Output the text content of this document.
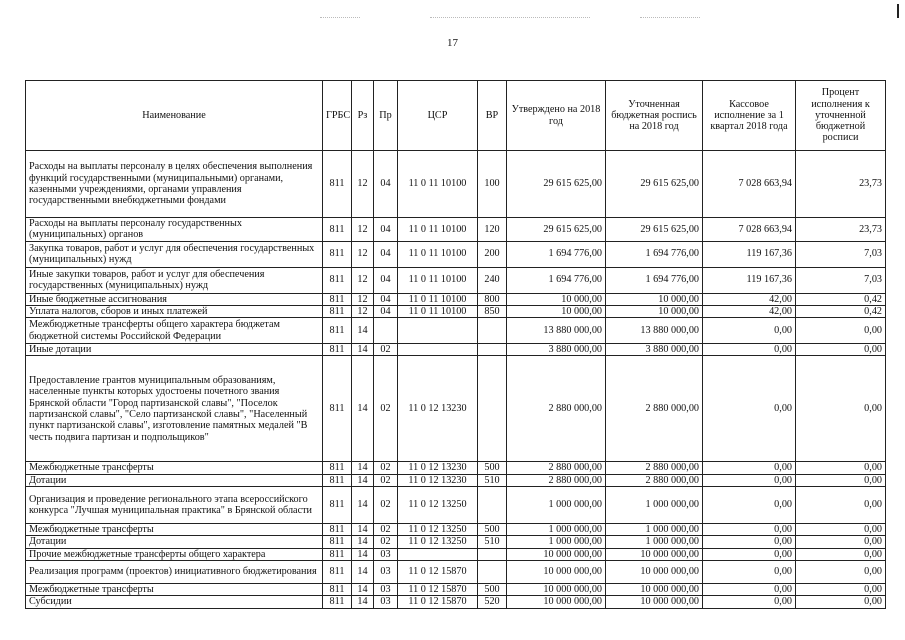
17
Наименование	ГРБС	Рз	Пр	ЦСР	ВР	Утверждено на 2018 год	Уточненная бюджетная роспись на 2018 год	Кассовое исполнение за 1 квартал 2018 года	Процент исполнения к уточненной бюджетной росписи
Расходы на выплаты персоналу в целях обеспечения выполнения функций государственными (муниципальными) органами, казенными учреждениями, органами управления государственными внебюджетными фондами	811	12	04	11 0 11 10100	100	29 615 625,00	29 615 625,00	7 028 663,94	23,73
Расходы на выплаты персоналу государственных (муниципальных) органов	811	12	04	11 0 11 10100	120	29 615 625,00	29 615 625,00	7 028 663,94	23,73
Закупка товаров, работ и услуг для обеспечения государственных (муниципальных) нужд	811	12	04	11 0 11 10100	200	1 694 776,00	1 694 776,00	119 167,36	7,03
Иные закупки товаров, работ и услуг для обеспечения государственных (муниципальных) нужд	811	12	04	11 0 11 10100	240	1 694 776,00	1 694 776,00	119 167,36	7,03
Иные бюджетные ассигнования	811	12	04	11 0 11 10100	800	10 000,00	10 000,00	42,00	0,42
Уплата налогов, сборов и иных платежей	811	12	04	11 0 11 10100	850	10 000,00	10 000,00	42,00	0,42
Межбюджетные трансферты общего характера бюджетам бюджетной системы Российской Федерации	811	14				13 880 000,00	13 880 000,00	0,00	0,00
Иные дотации	811	14	02			3 880 000,00	3 880 000,00	0,00	0,00
Предоставление грантов муниципальным образованиям, населенные пункты которых удостоены почетного звания Брянской области "Город партизанской славы", "Поселок партизанской славы", "Село партизанской славы", "Населенный пункт партизанской славы", изготовление памятных медалей "В честь подвига партизан и подпольщиков"	811	14	02	11 0 12 13230		2 880 000,00	2 880 000,00	0,00	0,00
Межбюджетные трансферты	811	14	02	11 0 12 13230	500	2 880 000,00	2 880 000,00	0,00	0,00
Дотации	811	14	02	11 0 12 13230	510	2 880 000,00	2 880 000,00	0,00	0,00
Организация и проведение регионального этапа всероссийского конкурса "Лучшая муниципальная практика" в Брянской области	811	14	02	11 0 12 13250		1 000 000,00	1 000 000,00	0,00	0,00
Межбюджетные трансферты	811	14	02	11 0 12 13250	500	1 000 000,00	1 000 000,00	0,00	0,00
Дотации	811	14	02	11 0 12 13250	510	1 000 000,00	1 000 000,00	0,00	0,00
Прочие межбюджетные трансферты общего характера	811	14	03			10 000 000,00	10 000 000,00	0,00	0,00
Реализация программ (проектов) инициативного бюджетирования	811	14	03	11 0 12 15870		10 000 000,00	10 000 000,00	0,00	0,00
Межбюджетные трансферты	811	14	03	11 0 12 15870	500	10 000 000,00	10 000 000,00	0,00	0,00
Субсидии	811	14	03	11 0 12 15870	520	10 000 000,00	10 000 000,00	0,00	0,00
